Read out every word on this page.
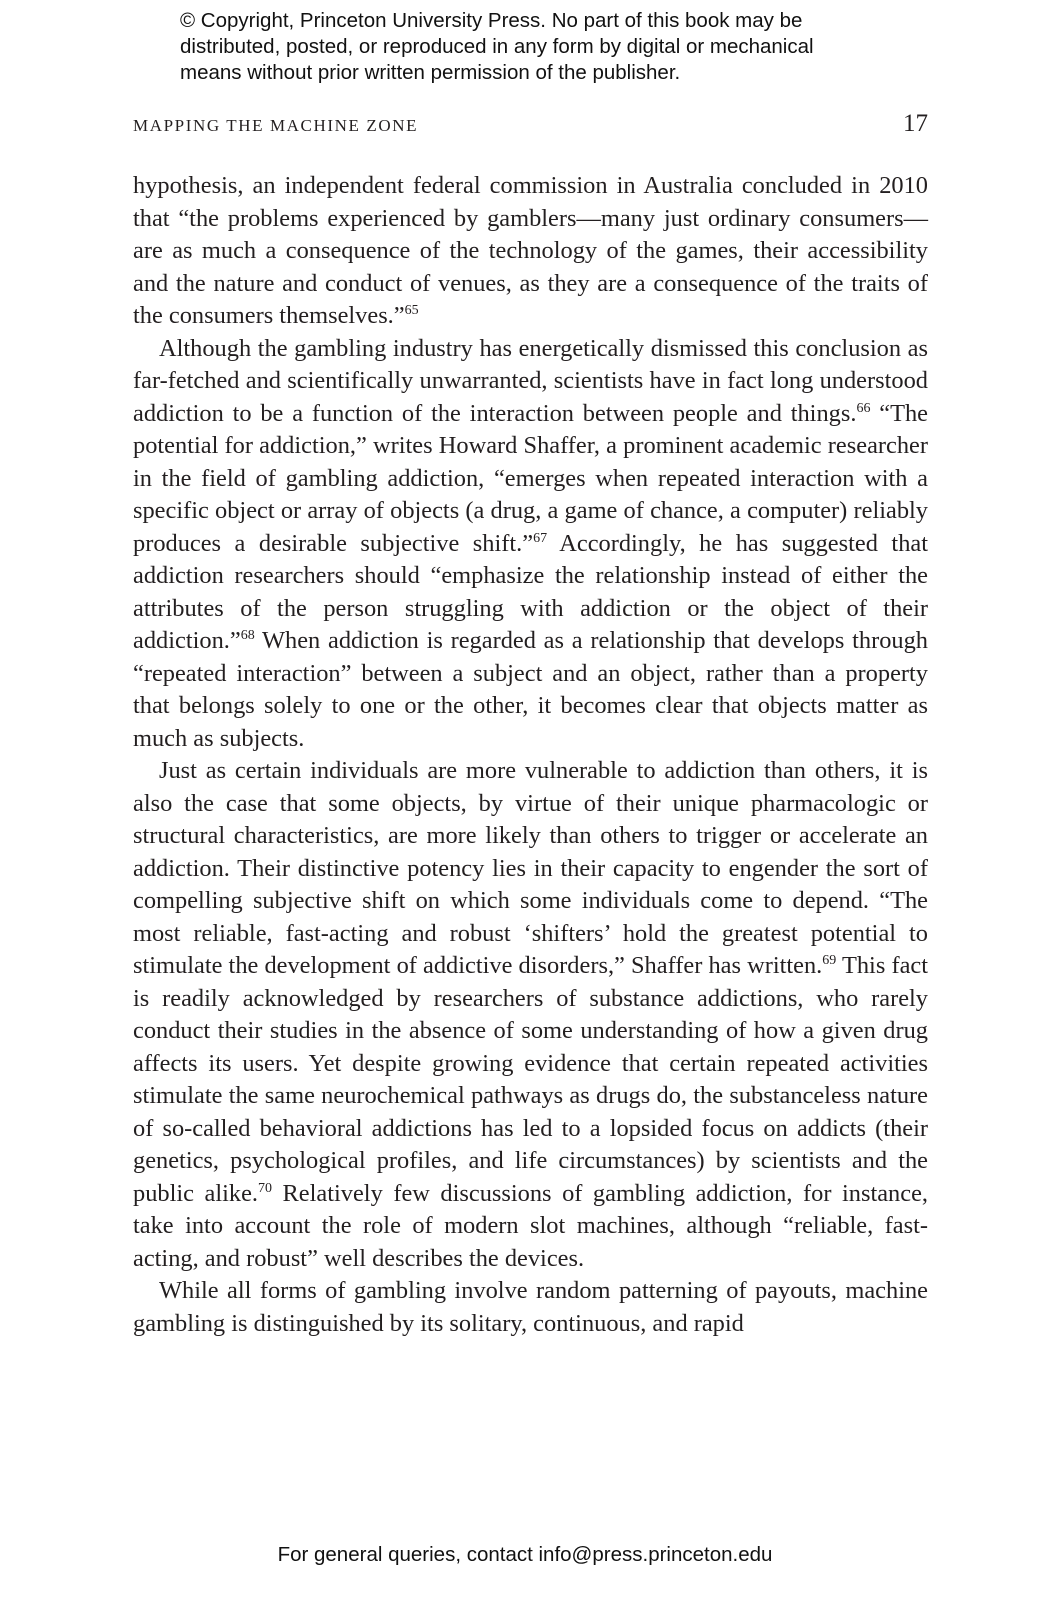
© Copyright, Princeton University Press. No part of this book may be
distributed, posted, or reproduced in any form by digital or mechanical
means without prior written permission of the publisher.
MAPPING THE MACHINE ZONE	17

hypothesis, an independent federal commission in Australia concluded in 2010 that “the problems experienced by gamblers—many just ordinary consumers—are as much a consequence of the technology of the games, their accessibility and the nature and conduct of venues, as they are a consequence of the traits of the consumers themselves.”$^{65}$

Although the gambling industry has energetically dismissed this conclusion as far-fetched and scientifically unwarranted, scientists have in fact long understood addiction to be a function of the interaction between people and things.$^{66}$ “The potential for addiction,” writes Howard Shaffer, a prominent academic researcher in the field of gambling addiction, “emerges when repeated interaction with a specific object or array of objects (a drug, a game of chance, a computer) reliably produces a desirable subjective shift.”$^{67}$ Accordingly, he has suggested that addiction researchers should “emphasize the relationship instead of either the attributes of the person struggling with addiction or the object of their addiction.”$^{68}$ When addiction is regarded as a relationship that develops through “repeated interaction” between a subject and an object, rather than a property that belongs solely to one or the other, it becomes clear that objects matter as much as subjects.

Just as certain individuals are more vulnerable to addiction than others, it is also the case that some objects, by virtue of their unique pharmacologic or structural characteristics, are more likely than others to trigger or accelerate an addiction. Their distinctive potency lies in their capacity to engender the sort of compelling subjective shift on which some individuals come to depend. “The most reliable, fast-acting and robust ‘shifters’ hold the greatest potential to stimulate the development of addictive disorders,” Shaffer has written.$^{69}$ This fact is readily acknowledged by researchers of substance addictions, who rarely conduct their studies in the absence of some understanding of how a given drug affects its users. Yet despite growing evidence that certain repeated activities stimulate the same neurochemical pathways as drugs do, the substanceless nature of so-called behavioral addictions has led to a lopsided focus on addicts (their genetics, psychological profiles, and life circumstances) by scientists and the public alike.$^{70}$ Relatively few discussions of gambling addiction, for instance, take into account the role of modern slot machines, although “reliable, fast-acting, and robust” well describes the devices.

While all forms of gambling involve random patterning of payouts, machine gambling is distinguished by its solitary, continuous, and rapid

For general queries, contact info@press.princeton.edu
